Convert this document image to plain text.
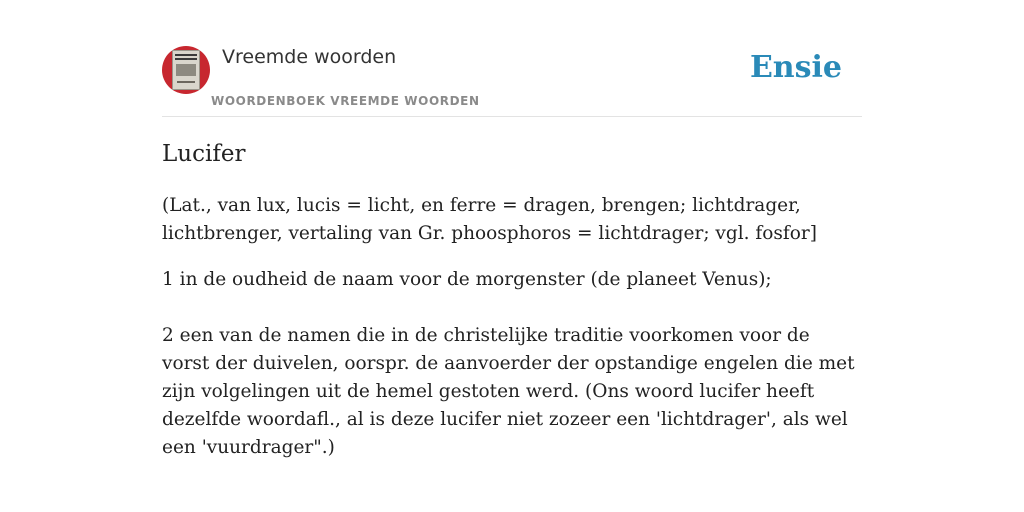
Vreemde woorden
WOORDENBOEK VREEMDE WOORDEN
Ensie
Lucifer

(Lat., van lux, lucis = licht, en ferre = dragen, brengen; lichtdrager, lichtbrenger, vertaling van Gr. phoosphoros = lichtdrager; vgl. fosfor]

1 in de oudheid de naam voor de morgenster (de planeet Venus);

2 een van de namen die in de christelijke traditie voorkomen voor de vorst der duivelen, oorspr. de aanvoerder der opstandige engelen die met zijn volgelingen uit de hemel gestoten werd. (Ons woord lucifer heeft dezelfde woordafl., al is deze lucifer niet zozeer een 'lichtdrager', als wel een 'vuurdrager".)
